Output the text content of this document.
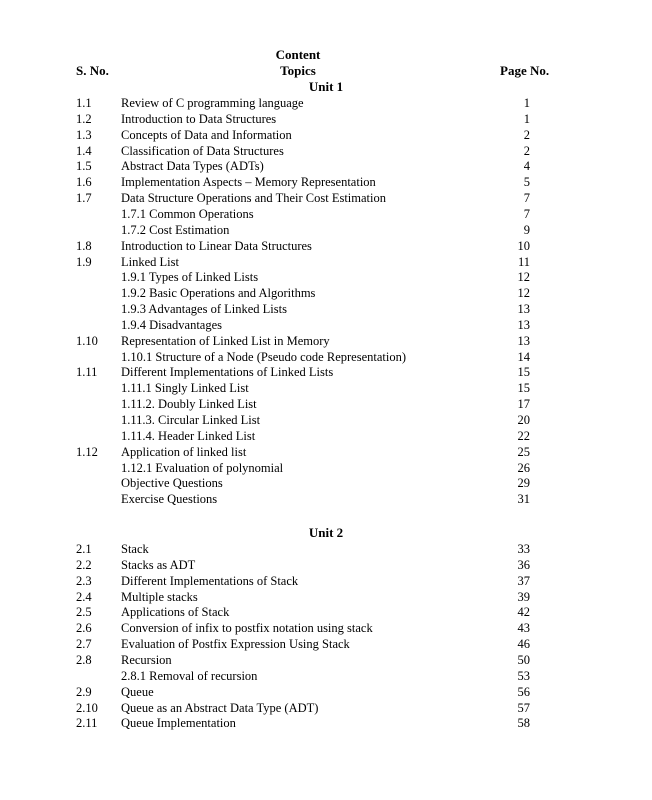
Content
S. No.	Topics	Page No.
Unit 1
1.1 Review of C programming language	1
1.2 Introduction to Data Structures	1
1.3 Concepts of Data and Information	2
1.4 Classification of Data Structures	2
1.5 Abstract Data Types (ADTs)	4
1.6 Implementation Aspects – Memory Representation	5
1.7 Data Structure Operations and Their Cost Estimation	7
1.7.1 Common Operations	7
1.7.2 Cost Estimation	9
1.8 Introduction to Linear Data Structures	10
1.9 Linked List	11
1.9.1 Types of Linked Lists	12
1.9.2 Basic Operations and Algorithms	12
1.9.3 Advantages of Linked Lists	13
1.9.4 Disadvantages	13
1.10 Representation of Linked List in Memory	13
1.10.1 Structure of a Node (Pseudo code Representation)	14
1.11 Different Implementations of Linked Lists	15
1.11.1 Singly Linked List	15
1.11.2. Doubly Linked List	17
1.11.3. Circular Linked List	20
1.11.4. Header Linked List	22
1.12 Application of linked list	25
1.12.1 Evaluation of polynomial	26
Objective Questions	29
Exercise Questions	31
Unit 2
2.1 Stack	33
2.2 Stacks as ADT	36
2.3 Different Implementations of Stack	37
2.4 Multiple stacks	39
2.5 Applications of Stack	42
2.6 Conversion of infix to postfix notation using stack	43
2.7 Evaluation of Postfix Expression Using Stack	46
2.8 Recursion	50
2.8.1 Removal of recursion	53
2.9 Queue	56
2.10 Queue as an Abstract Data Type (ADT)	57
2.11 Queue Implementation	58
